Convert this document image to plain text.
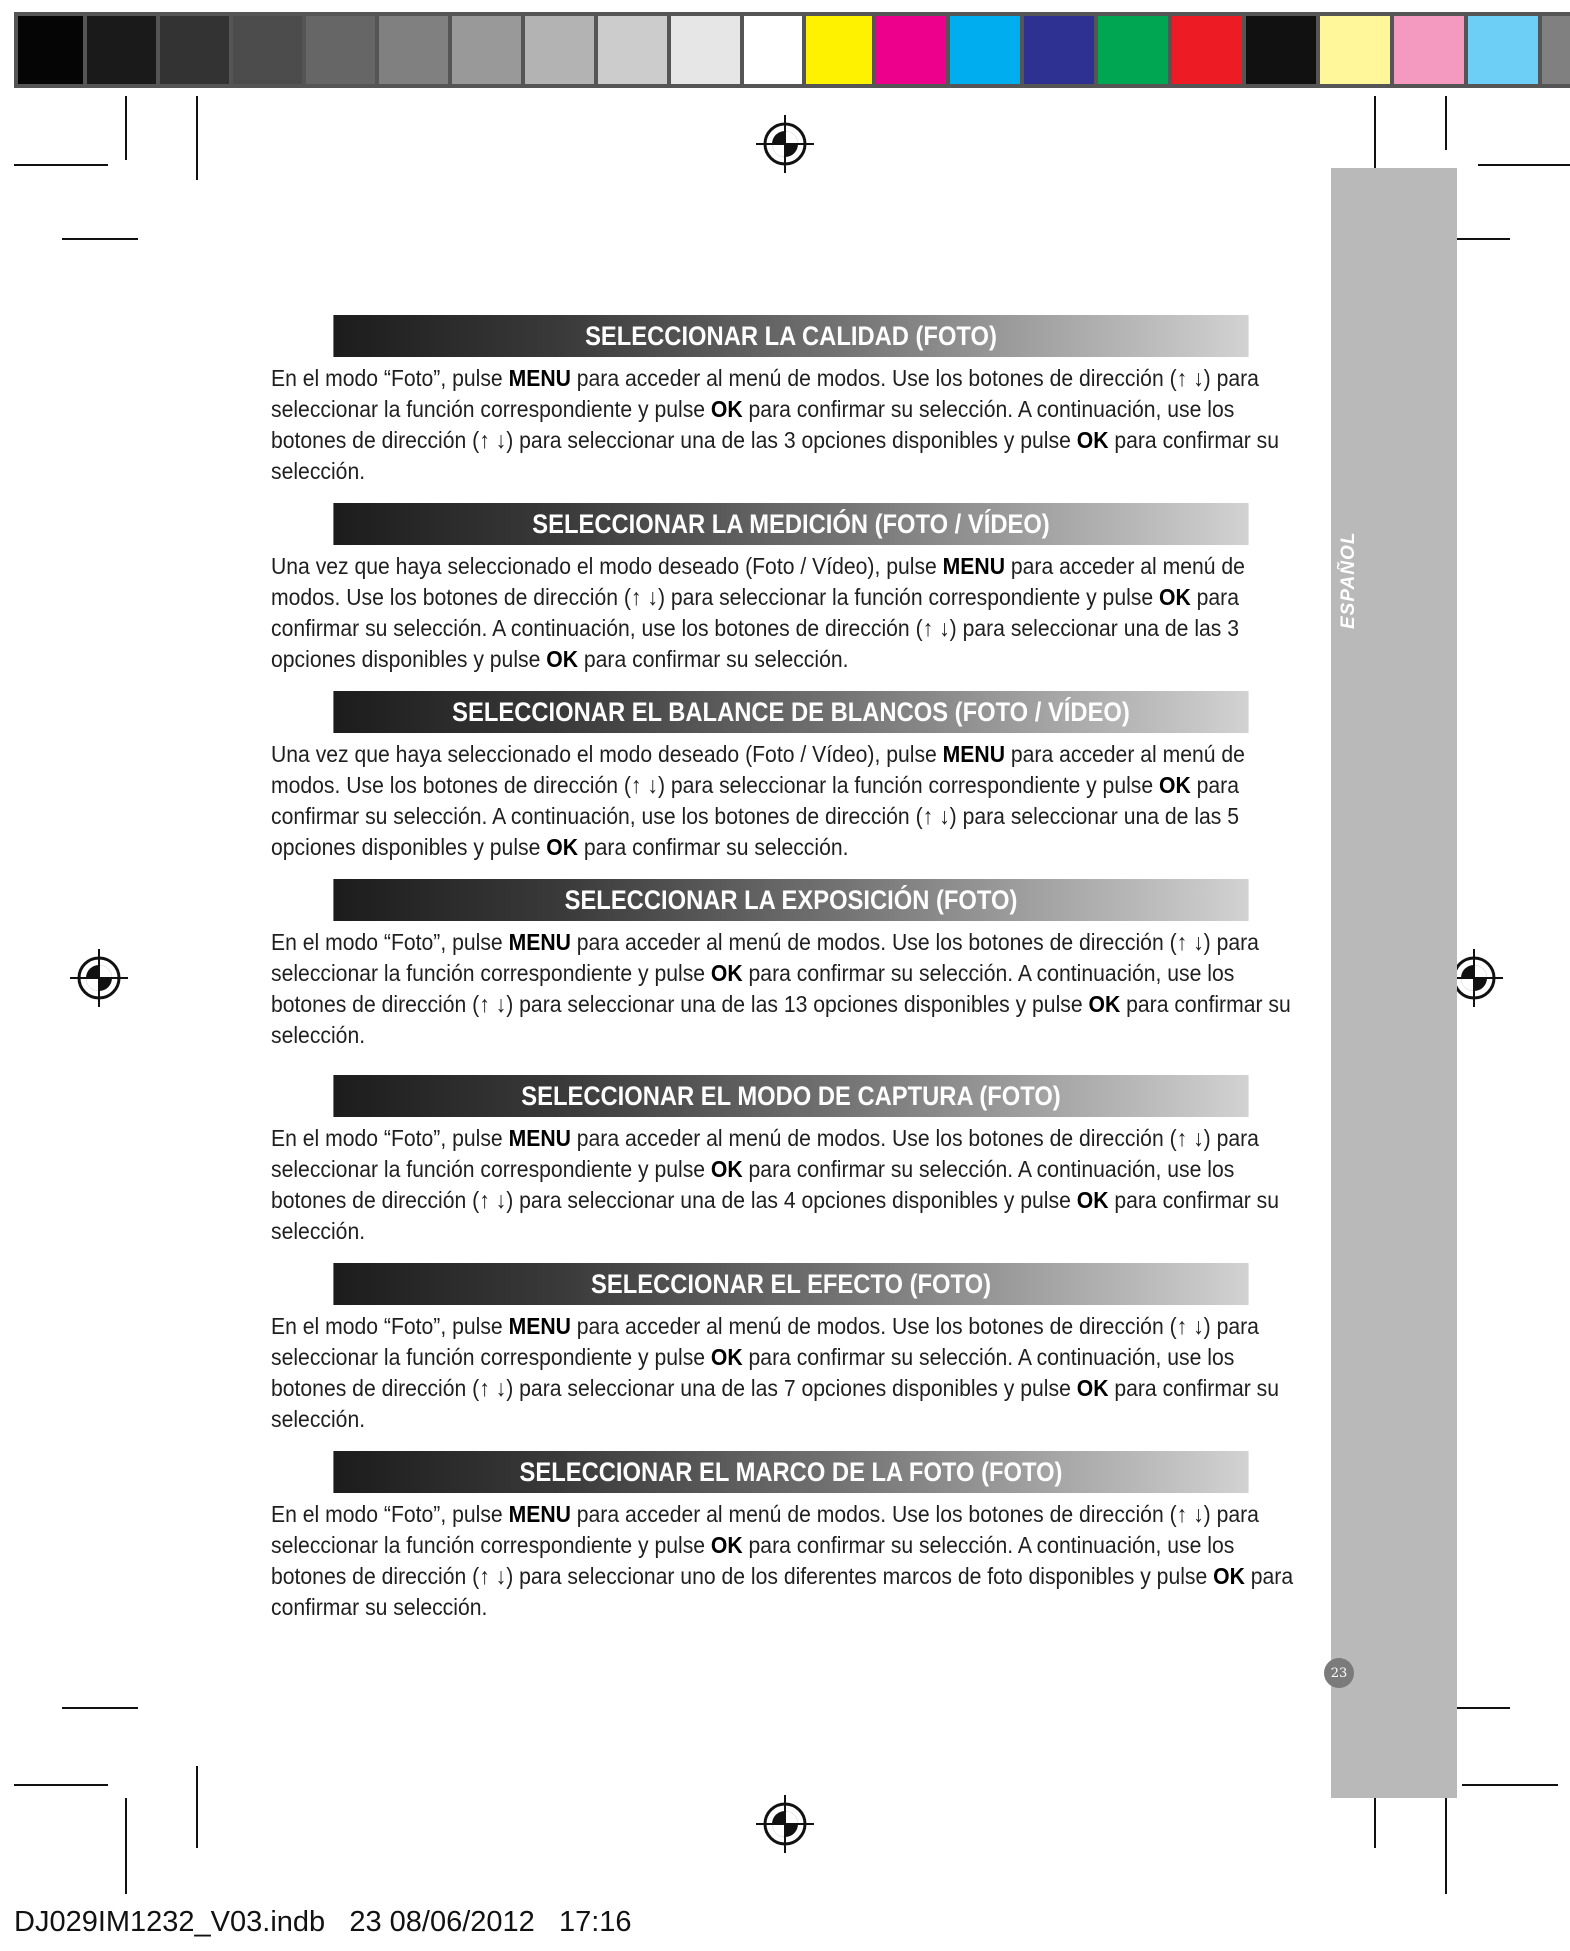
ESPAÑOL
23
SELECCIONAR LA CALIDAD (FOTO)
En el modo “Foto”, pulse MENU para acceder al menú de modos. Use los botones de dirección (↑ ↓) para seleccionar la función correspondiente y pulse OK para confirmar su selección. A continuación, use los botones de dirección (↑ ↓) para seleccionar una de las 3 opciones disponibles y pulse OK para confirmar su selección.
SELECCIONAR LA MEDICIÓN (FOTO / VÍDEO)
Una vez que haya seleccionado el modo deseado (Foto / Vídeo), pulse MENU para acceder al menú de modos. Use los botones de dirección (↑ ↓) para seleccionar la función correspondiente y pulse OK para confirmar su selección. A continuación, use los botones de dirección (↑ ↓) para seleccionar una de las 3 opciones disponibles y pulse OK para confirmar su selección.
SELECCIONAR EL BALANCE DE BLANCOS (FOTO / VÍDEO)
Una vez que haya seleccionado el modo deseado (Foto / Vídeo), pulse MENU para acceder al menú de modos. Use los botones de dirección (↑ ↓) para seleccionar la función correspondiente y pulse OK para confirmar su selección. A continuación, use los botones de dirección (↑ ↓) para seleccionar una de las 5 opciones disponibles y pulse OK para confirmar su selección.
SELECCIONAR LA EXPOSICIÓN (FOTO)
En el modo “Foto”, pulse MENU para acceder al menú de modos. Use los botones de dirección (↑ ↓) para seleccionar la función correspondiente y pulse OK para confirmar su selección. A continuación, use los botones de dirección (↑ ↓) para seleccionar una de las 13 opciones disponibles y pulse OK para confirmar su selección.
SELECCIONAR EL MODO DE CAPTURA (FOTO)
En el modo “Foto”, pulse MENU para acceder al menú de modos. Use los botones de dirección (↑ ↓) para seleccionar la función correspondiente y pulse OK para confirmar su selección. A continuación, use los botones de dirección (↑ ↓) para seleccionar una de las 4 opciones disponibles y pulse OK para confirmar su selección.
SELECCIONAR EL EFECTO (FOTO)
En el modo “Foto”, pulse MENU para acceder al menú de modos. Use los botones de dirección (↑ ↓) para seleccionar la función correspondiente y pulse OK para confirmar su selección. A continuación, use los botones de dirección (↑ ↓) para seleccionar una de las 7 opciones disponibles y pulse OK para confirmar su selección.
SELECCIONAR EL MARCO DE LA FOTO (FOTO)
En el modo “Foto”, pulse MENU para acceder al menú de modos. Use los botones de dirección (↑ ↓) para seleccionar la función correspondiente y pulse OK para confirmar su selección. A continuación, use los botones de dirección (↑ ↓) para seleccionar uno de los diferentes marcos de foto disponibles y pulse OK para confirmar su selección.
DJ029IM1232_V03.indb   23 08/06/2012   17:16
